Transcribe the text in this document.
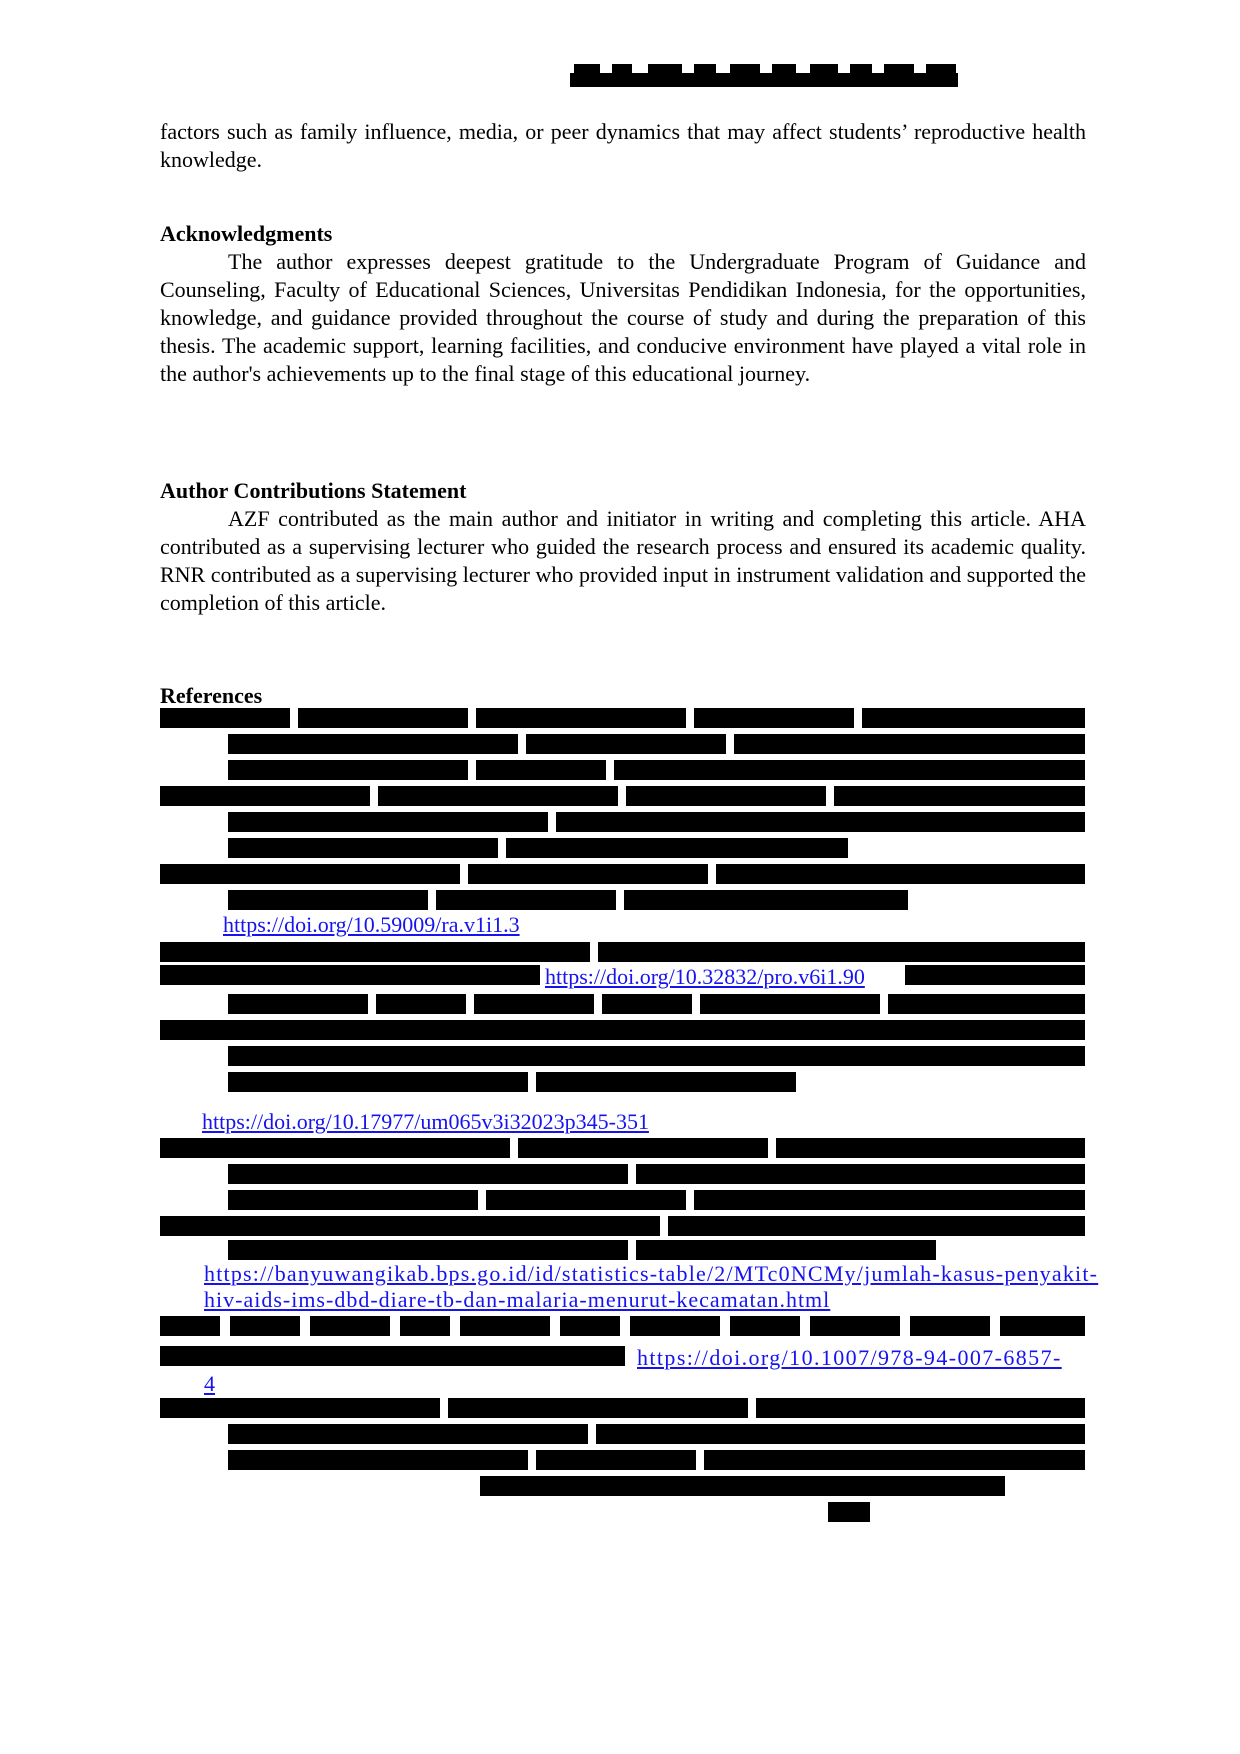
factors such as family influence, media, or peer dynamics that may affect students’ reproductive health knowledge.

Acknowledgments

The author expresses deepest gratitude to the Undergraduate Program of Guidance and Counseling, Faculty of Educational Sciences, Universitas Pendidikan Indonesia, for the opportunities, knowledge, and guidance provided throughout the course of study and during the preparation of this thesis. The academic support, learning facilities, and conducive environment have played a vital role in the author's achievements up to the final stage of this educational journey.

Author Contributions Statement

AZF contributed as the main author and initiator in writing and completing this article. AHA contributed as a supervising lecturer who guided the research process and ensured its academic quality. RNR contributed as a supervising lecturer who provided input in instrument validation and supported the completion of this article.

References
https://doi.org/10.59009/ra.v1i1.3
https://doi.org/10.32832/pro.v6i1.90
https://doi.org/10.17977/um065v3i32023p345-351
https://banyuwangikab.bps.go.id/id/statistics-table/2/MTc0NCMy/jumlah-kasus-penyakit-
hiv-aids-ims-dbd-diare-tb-dan-malaria-menurut-kecamatan.html
https://doi.org/10.1007/978-94-007-6857-
4
